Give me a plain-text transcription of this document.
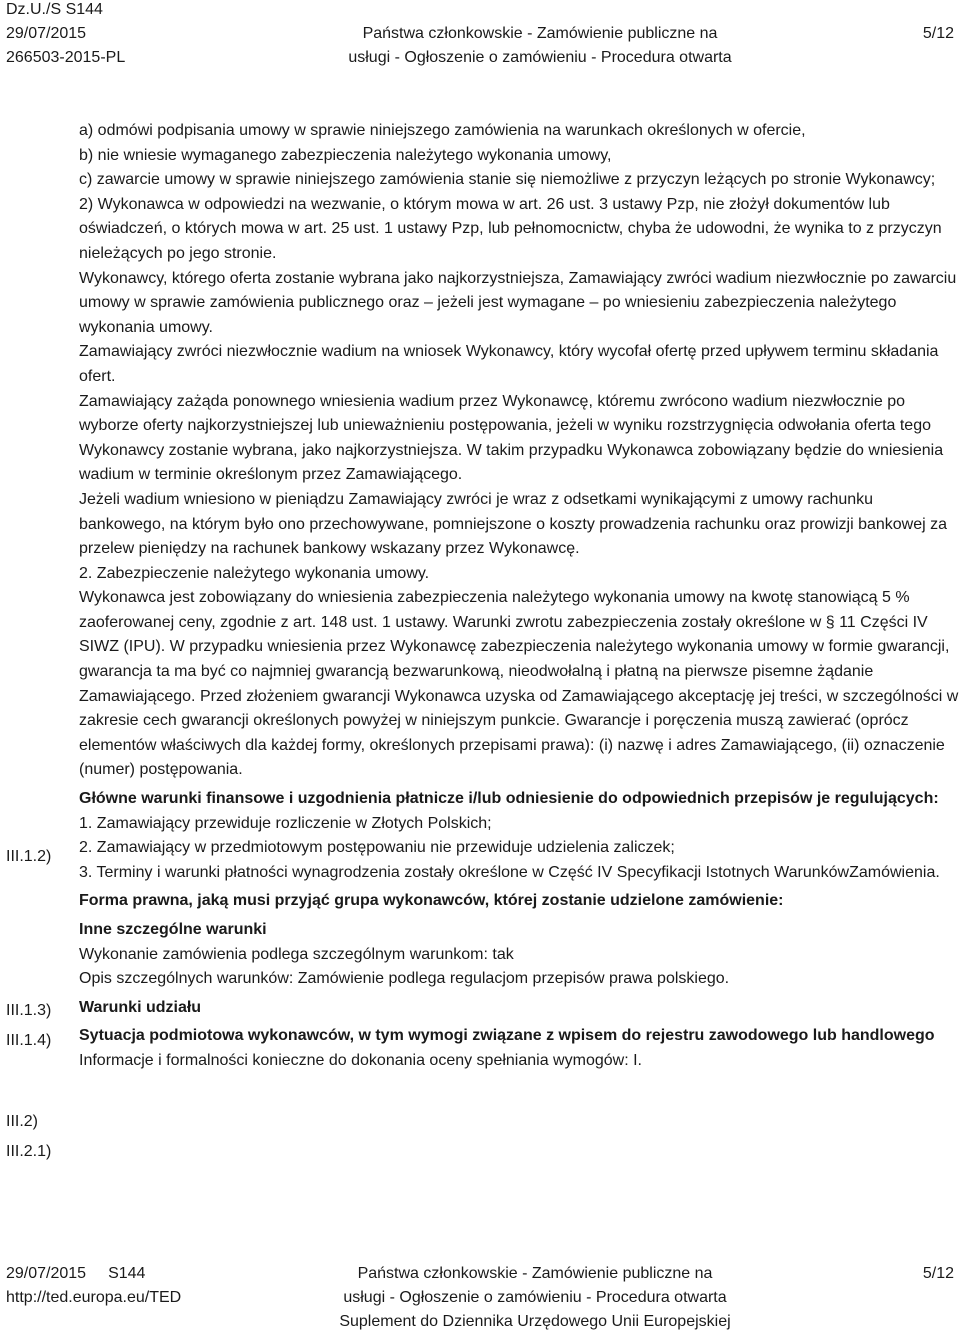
Dz.U./S S144
29/07/2015
266503-2015-PL
Państwa członkowskie - Zamówienie publiczne na
usługi - Ogłoszenie o zamówieniu - Procedura otwarta
5/12

a) odmówi podpisania umowy w sprawie niniejszego zamówienia na warunkach określonych w ofercie,

b) nie wniesie wymaganego zabezpieczenia należytego wykonania umowy,

c) zawarcie umowy w sprawie niniejszego zamówienia stanie się niemożliwe z przyczyn leżących po stronie Wykonawcy;

2) Wykonawca w odpowiedzi na wezwanie, o którym mowa w art. 26 ust. 3 ustawy Pzp, nie złożył dokumentów lub oświadczeń, o których mowa w art. 25 ust. 1 ustawy Pzp, lub pełnomocnictw, chyba że udowodni, że wynika to z przyczyn nieleżących po jego stronie.

Wykonawcy, którego oferta zostanie wybrana jako najkorzystniejsza, Zamawiający zwróci wadium niezwłocznie po zawarciu umowy w sprawie zamówienia publicznego oraz – jeżeli jest wymagane – po wniesieniu zabezpieczenia należytego wykonania umowy.

Zamawiający zwróci niezwłocznie wadium na wniosek Wykonawcy, który wycofał ofertę przed upływem terminu składania ofert.

Zamawiający zażąda ponownego wniesienia wadium przez Wykonawcę, któremu zwrócono wadium niezwłocznie po wyborze oferty najkorzystniejszej lub unieważnieniu postępowania, jeżeli w wyniku rozstrzygnięcia odwołania oferta tego Wykonawcy zostanie wybrana, jako najkorzystniejsza. W takim przypadku Wykonawca zobowiązany będzie do wniesienia wadium w terminie określonym przez Zamawiającego.

Jeżeli wadium wniesiono w pieniądzu Zamawiający zwróci je wraz z odsetkami wynikającymi z umowy rachunku bankowego, na którym było ono przechowywane, pomniejszone o koszty prowadzenia rachunku oraz prowizji bankowej za przelew pieniędzy na rachunek bankowy wskazany przez Wykonawcę.

2. Zabezpieczenie należytego wykonania umowy.

Wykonawca jest zobowiązany do wniesienia zabezpieczenia należytego wykonania umowy na kwotę stanowiącą 5 % zaoferowanej ceny, zgodnie z art. 148 ust. 1 ustawy. Warunki zwrotu zabezpieczenia zostały określone w § 11 Części IV SIWZ (IPU). W przypadku wniesienia przez Wykonawcę zabezpieczenia należytego wykonania umowy w formie gwarancji, gwarancja ta ma być co najmniej gwarancją bezwarunkową, nieodwołalną i płatną na pierwsze pisemne żądanie Zamawiającego. Przed złożeniem gwarancji Wykonawca uzyska od Zamawiającego akceptację jej treści, w szczególności w zakresie cech gwarancji określonych powyżej w niniejszym punkcie. Gwarancje i poręczenia muszą zawierać (oprócz elementów właściwych dla każdej formy, określonych przepisami prawa): (i) nazwę i adres Zamawiającego, (ii) oznaczenie (numer) postępowania.

Główne warunki finansowe i uzgodnienia płatnicze i/lub odniesienie do odpowiednich przepisów je regulujących:

1. Zamawiający przewiduje rozliczenie w Złotych Polskich;

2. Zamawiający w przedmiotowym postępowaniu nie przewiduje udzielenia zaliczek;

3. Terminy i warunki płatności wynagrodzenia zostały określone w Część IV Specyfikacji Istotnych WarunkówZamówienia.

Forma prawna, jaką musi przyjąć grupa wykonawców, której zostanie udzielone zamówienie:

Inne szczególne warunki

Wykonanie zamówienia podlega szczególnym warunkom: tak

Opis szczególnych warunków: Zamówienie podlega regulacjom przepisów prawa polskiego.

Warunki udziału

Sytuacja podmiotowa wykonawców, w tym wymogi związane z wpisem do rejestru zawodowego lub handlowego

Informacje i formalności konieczne do dokonania oceny spełniania wymogów: I.

III.1.2)
III.1.3)
III.1.4)
III.2)
III.2.1)
29/07/2015 S144
http://ted.europa.eu/TED
Państwa członkowskie - Zamówienie publiczne na
usługi - Ogłoszenie o zamówieniu - Procedura otwarta
Suplement do Dziennika Urzędowego Unii Europejskiej
5/12
